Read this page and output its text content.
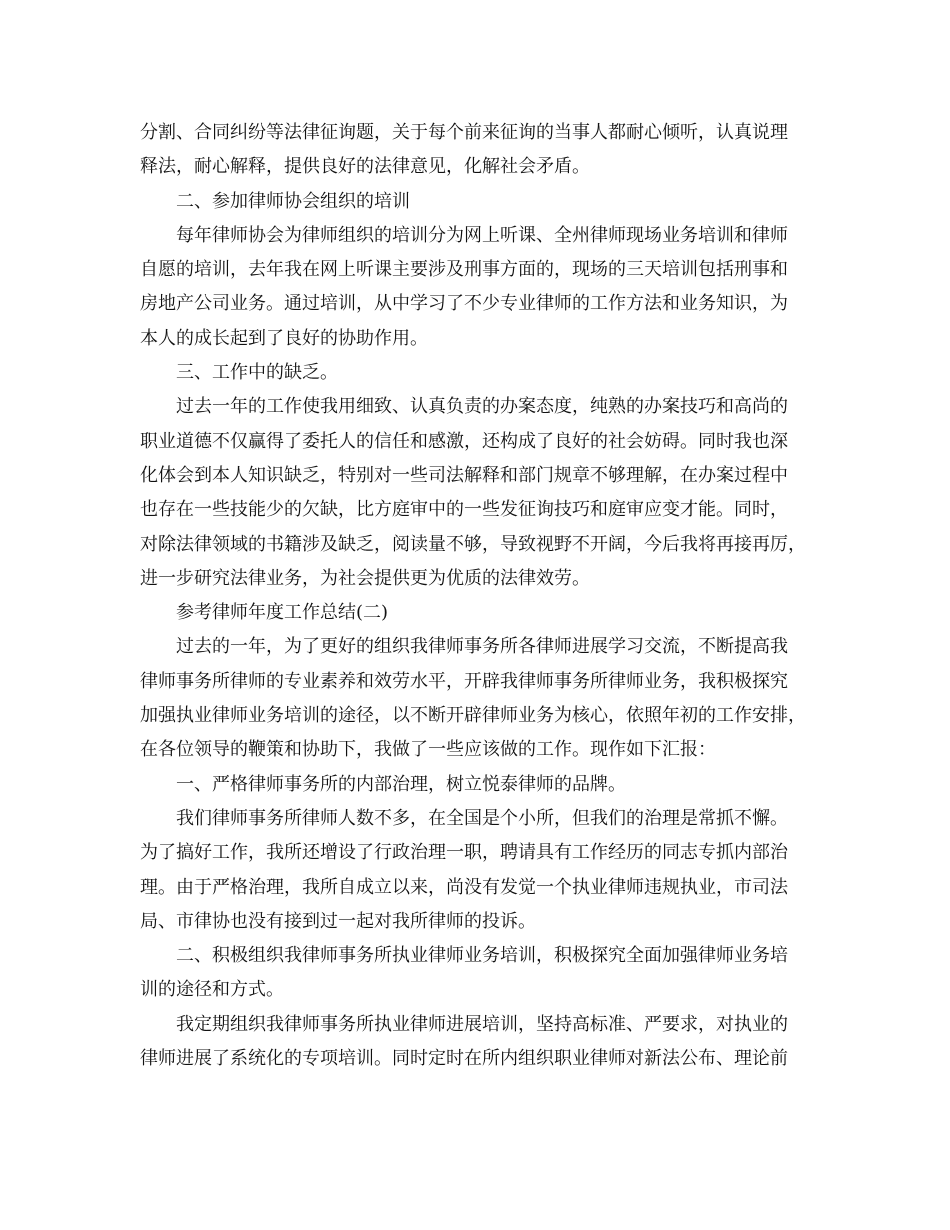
分割、合同纠纷等法律征询题，关于每个前来征询的当事人都耐心倾听，认真说理
释法，耐心解释，提供良好的法律意见，化解社会矛盾。
二、参加律师协会组织的培训
每年律师协会为律师组织的培训分为网上听课、全州律师现场业务培训和律师
自愿的培训，去年我在网上听课主要涉及刑事方面的，现场的三天培训包括刑事和
房地产公司业务。通过培训，从中学习了不少专业律师的工作方法和业务知识，为
本人的成长起到了良好的协助作用。
三、工作中的缺乏。
过去一年的工作使我用细致、认真负责的办案态度，纯熟的办案技巧和高尚的
职业道德不仅赢得了委托人的信任和感激，还构成了良好的社会妨碍。同时我也深
化体会到本人知识缺乏，特别对一些司法解释和部门规章不够理解，在办案过程中
也存在一些技能少的欠缺，比方庭审中的一些发征询技巧和庭审应变才能。同时，
对除法律领域的书籍涉及缺乏，阅读量不够，导致视野不开阔，今后我将再接再厉，
进一步研究法律业务，为社会提供更为优质的法律效劳。
参考律师年度工作总结(二)
过去的一年，为了更好的组织我律师事务所各律师进展学习交流，不断提高我
律师事务所律师的专业素养和效劳水平，开辟我律师事务所律师业务，我积极探究
加强执业律师业务培训的途径，以不断开辟律师业务为核心，依照年初的工作安排，
在各位领导的鞭策和协助下，我做了一些应该做的工作。现作如下汇报：
一、严格律师事务所的内部治理，树立悦泰律师的品牌。
我们律师事务所律师人数不多，在全国是个小所，但我们的治理是常抓不懈。
为了搞好工作，我所还增设了行政治理一职，聘请具有工作经历的同志专抓内部治
理。由于严格治理，我所自成立以来，尚没有发觉一个执业律师违规执业，市司法
局、市律协也没有接到过一起对我所律师的投诉。
二、积极组织我律师事务所执业律师业务培训，积极探究全面加强律师业务培
训的途径和方式。
我定期组织我律师事务所执业律师进展培训，坚持高标准、严要求，对执业的
律师进展了系统化的专项培训。同时定时在所内组织职业律师对新法公布、理论前
